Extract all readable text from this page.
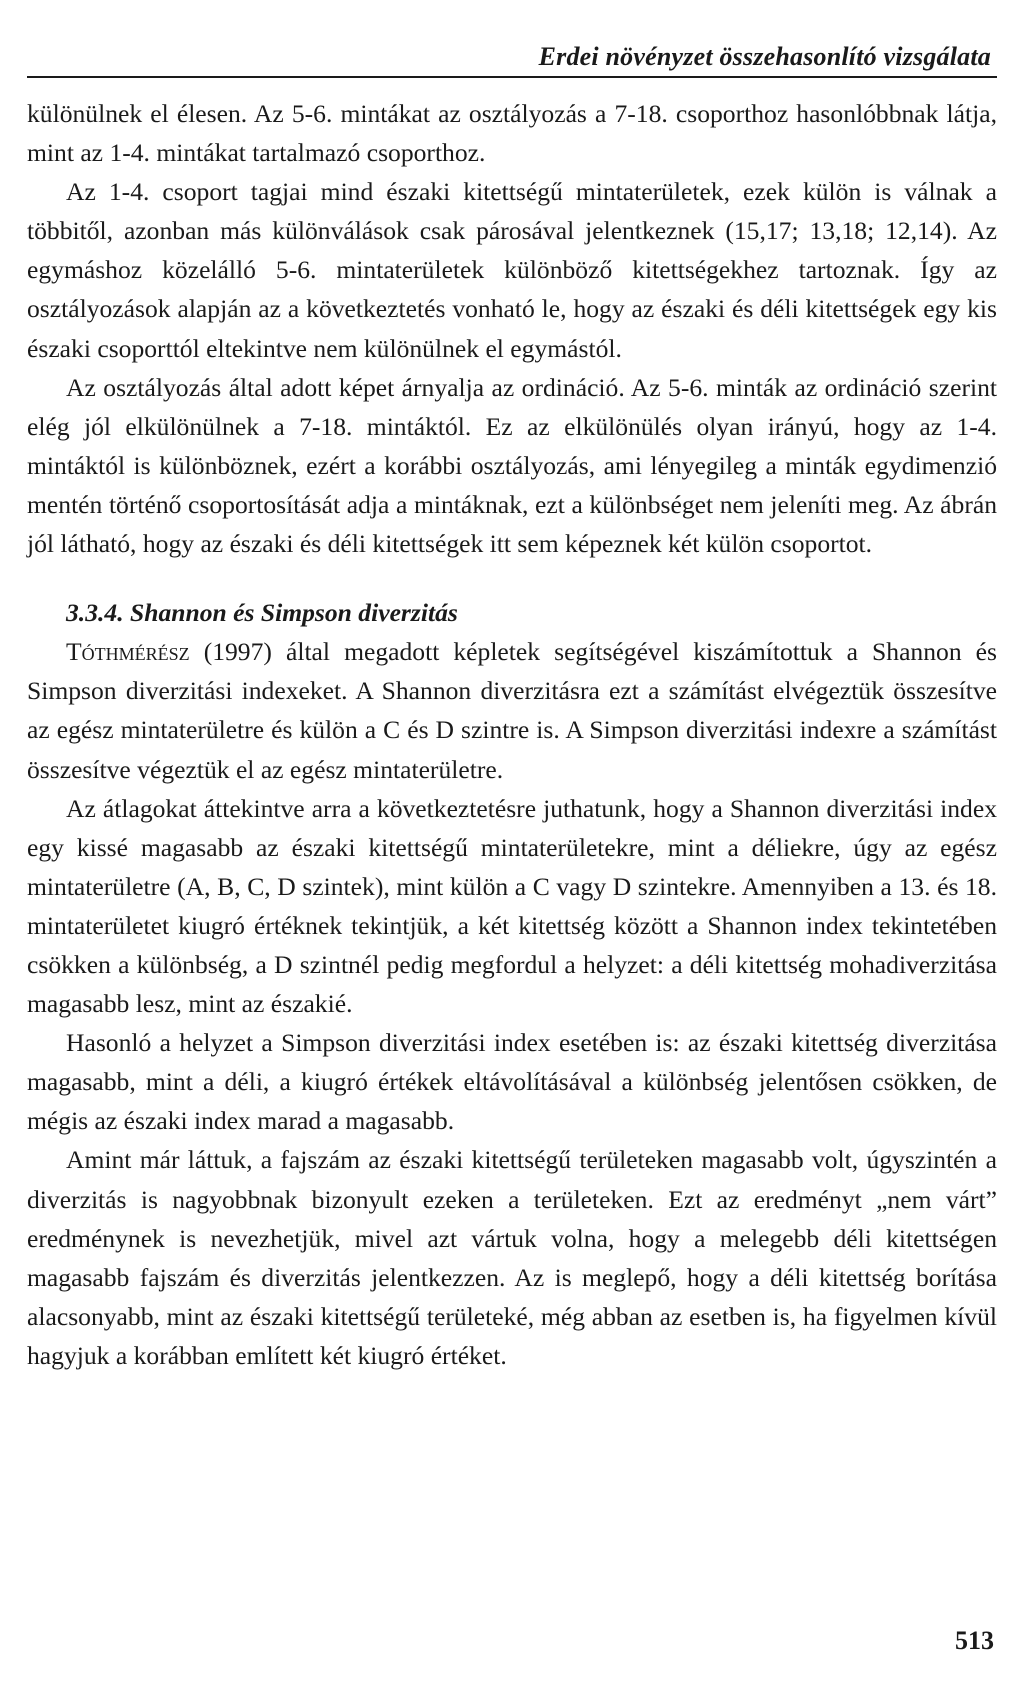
Erdei növényzet összehasonlító vizsgálata

különülnek el élesen. Az 5-6. mintákat az osztályozás a 7-18. csoporthoz hasonlóbbnak látja, mint az 1-4. mintákat tartalmazó csoporthoz.

Az 1-4. csoport tagjai mind északi kitettségű mintaterületek, ezek külön is válnak a többitől, azonban más különválások csak párosával jelentkeznek (15,17; 13,18; 12,14). Az egymáshoz közelálló 5-6. mintaterületek különböző kitettségekhez tartoznak. Így az osztályozások alapján az a következtetés vonható le, hogy az északi és déli kitettségek egy kis északi csoporttól eltekintve nem különülnek el egymástól.

Az osztályozás által adott képet árnyalja az ordináció. Az 5-6. minták az ordináció szerint elég jól elkülönülnek a 7-18. mintáktól. Ez az elkülönülés olyan irányú, hogy az 1-4. mintáktól is különböznek, ezért a korábbi osztályozás, ami lényegileg a minták egydimenzió mentén történő csoportosítását adja a mintáknak, ezt a különbséget nem jeleníti meg. Az ábrán jól látható, hogy az északi és déli kitettségek itt sem képeznek két külön csoportot.

3.3.4. Shannon és Simpson diverzitás

Tóthmérész (1997) által megadott képletek segítségével kiszámítottuk a Shannon és Simpson diverzitási indexeket. A Shannon diverzitásra ezt a számítást elvégeztük összesítve az egész mintaterületre és külön a C és D szintre is. A Simpson diverzitási indexre a számítást összesítve végeztük el az egész mintaterületre.

Az átlagokat áttekintve arra a következtetésre juthatunk, hogy a Shannon diverzitási index egy kissé magasabb az északi kitettségű mintaterületekre, mint a déliekre, úgy az egész mintaterületre (A, B, C, D szintek), mint külön a C vagy D szintekre. Amennyiben a 13. és 18. mintaterületet kiugró értéknek tekintjük, a két kitettség között a Shannon index tekintetében csökken a különbség, a D szintnél pedig megfordul a helyzet: a déli kitettség mohadiverzitása magasabb lesz, mint az északié.

Hasonló a helyzet a Simpson diverzitási index esetében is: az északi kitettség diverzitása magasabb, mint a déli, a kiugró értékek eltávolításával a különbség jelentősen csökken, de mégis az északi index marad a magasabb.

Amint már láttuk, a fajszám az északi kitettségű területeken magasabb volt, úgyszintén a diverzitás is nagyobbnak bizonyult ezeken a területeken. Ezt az eredményt „nem várt” eredménynek is nevezhetjük, mivel azt vártuk volna, hogy a melegebb déli kitettségen magasabb fajszám és diverzitás jelentkezzen. Az is meglepő, hogy a déli kitettség borítása alacsonyabb, mint az északi kitettségű területeké, még abban az esetben is, ha figyelmen kívül hagyjuk a korábban említett két kiugró értéket.

513
